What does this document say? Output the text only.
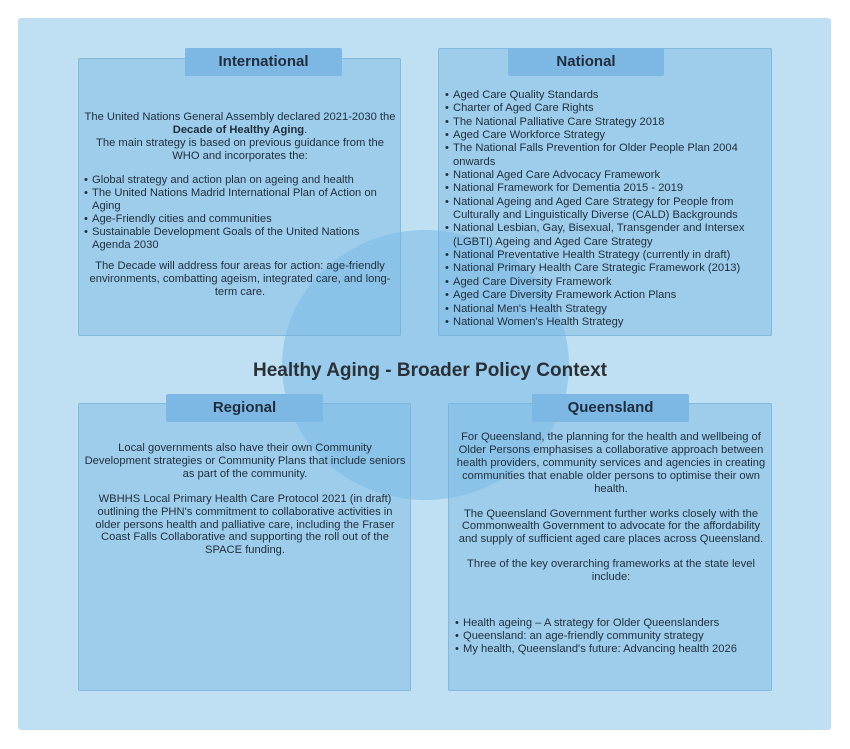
International

The United Nations General Assembly declared 2021-2030 the Decade of Healthy Aging.

The main strategy is based on previous guidance from the WHO and incorporates the:

• Global strategy and action plan on ageing and health
• The United Nations Madrid International Plan of Action on Aging
• Age-Friendly cities and communities
• Sustainable Development Goals of the United Nations Agenda 2030

The Decade will address four areas for action: age-friendly environments, combatting ageism, integrated care, and long-term care.

National
• Aged Care Quality Standards
• Charter of Aged Care Rights
• The National Palliative Care Strategy 2018
• Aged Care Workforce Strategy
• The National Falls Prevention for Older People Plan 2004 onwards
• National Aged Care Advocacy Framework
• National Framework for Dementia 2015 - 2019
• National Ageing and Aged Care Strategy for People from Culturally and Linguistically Diverse (CALD) Backgrounds
• National Lesbian, Gay, Bisexual, Transgender and Intersex (LGBTI) Ageing and Aged Care Strategy
• National Preventative Health Strategy (currently in draft)
• National Primary Health Care Strategic Framework (2013)
• Aged Care Diversity Framework
• Aged Care Diversity Framework Action Plans
• National Men's Health Strategy
• National Women's Health Strategy
Healthy Aging - Broader Policy Context
Regional

Local governments also have their own Community Development strategies or Community Plans that include seniors as part of the community.

WBHHS Local Primary Health Care Protocol 2021 (in draft) outlining the PHN's commitment to collaborative activities in older persons health and palliative care, including the Fraser Coast Falls Collaborative and supporting the roll out of the SPACE funding.

Queensland

For Queensland, the planning for the health and wellbeing of Older Persons emphasises a collaborative approach between health providers, community services and agencies in creating communities that enable older persons to optimise their own health.

The Queensland Government further works closely with the Commonwealth Government to advocate for the affordability and supply of sufficient aged care places across Queensland.

Three of the key overarching frameworks at the state level include:

• Health ageing – A strategy for Older Queenslanders
• Queensland: an age-friendly community strategy
• My health, Queensland's future: Advancing health 2026
